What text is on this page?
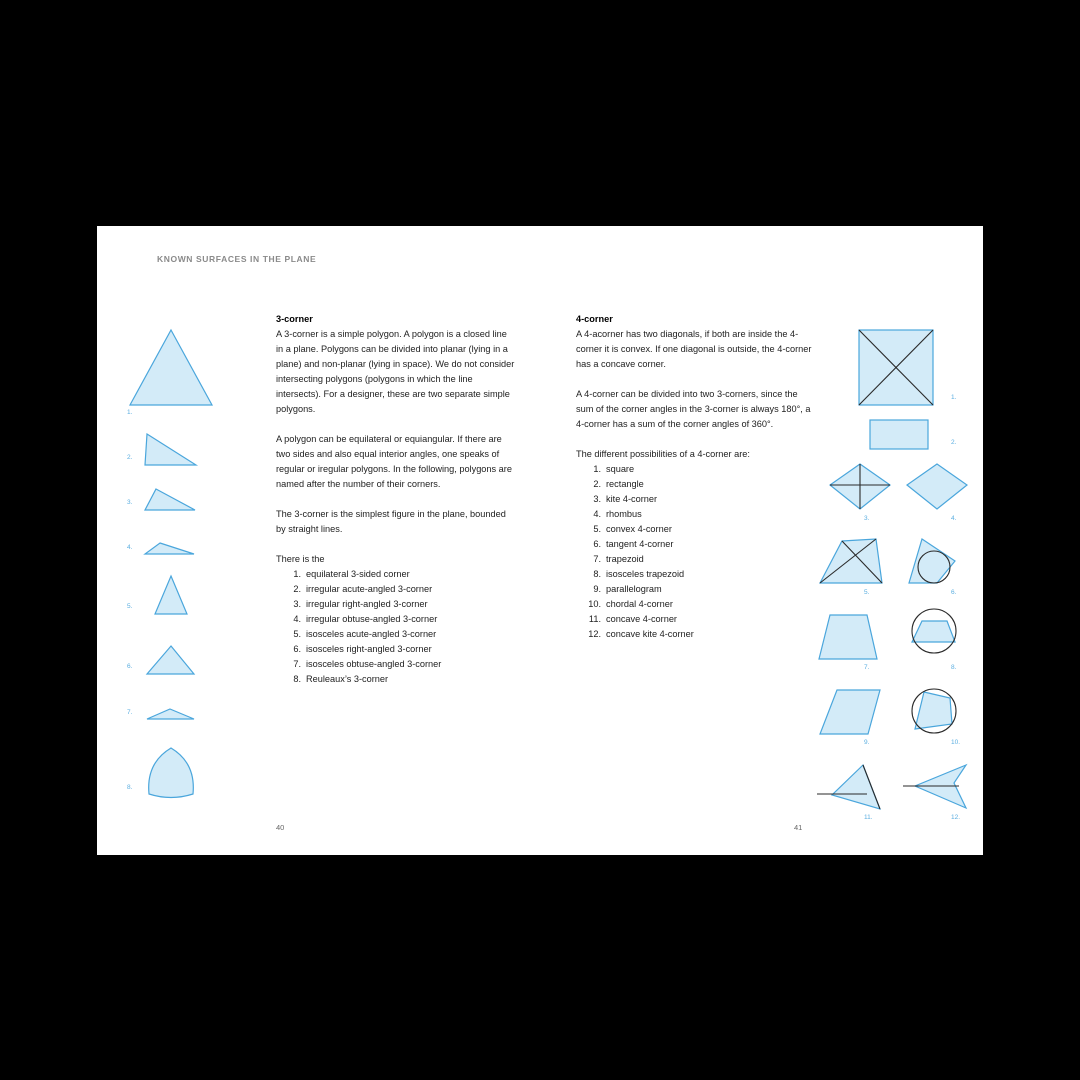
KNOWN SURFACES IN THE PLANE
1.
2.
3.
4.
5.
6.
7.
8.
1.
2.
3.	4.
5.	6.
7.	8.
9.	10.
11.	12.
3-corner

A 3-corner is a simple polygon. A polygon is a closed line in a plane. Polygons can be divided into planar (lying in a plane) and non-planar (lying in space). We do not consider intersecting polygons (polygons in which the line intersects). For a designer, these are two separate simple polygons.

A polygon can be equilateral or equiangular. If there are two sides and also equal interior angles, one speaks of regular or iregular polygons. In the following, polygons are named after the number of their corners.

The 3-corner is the simplest figure in the plane, bounded by straight lines.

There is the
1. equilateral 3-sided corner
2. irregular acute-angled 3-corner
3. irregular right-angled 3-corner
4. irregular obtuse-angled 3-corner
5. isosceles acute-angled 3-corner
6. isosceles right-angled 3-corner
7. isosceles obtuse-angled 3-corner
8. Reuleaux’s 3-corner
4-corner

A 4-acorner has two diagonals, if both are inside the 4-corner it is convex. If one diagonal is outside, the 4-corner has a concave corner.

A 4-corner can be divided into two 3-corners, since the sum of the corner angles in the 3-corner is always 180°, a 4-corner has a sum of the corner angles of 360°.

The different possibilities of a 4-corner are:
1. square
2. rectangle
3. kite 4-corner
4. rhombus
5. convex 4-corner
6. tangent 4-corner
7. trapezoid
8. isosceles trapezoid
9. parallelogram
10. chordal 4-corner
11. concave 4-corner
12. concave kite 4-corner
40	41
